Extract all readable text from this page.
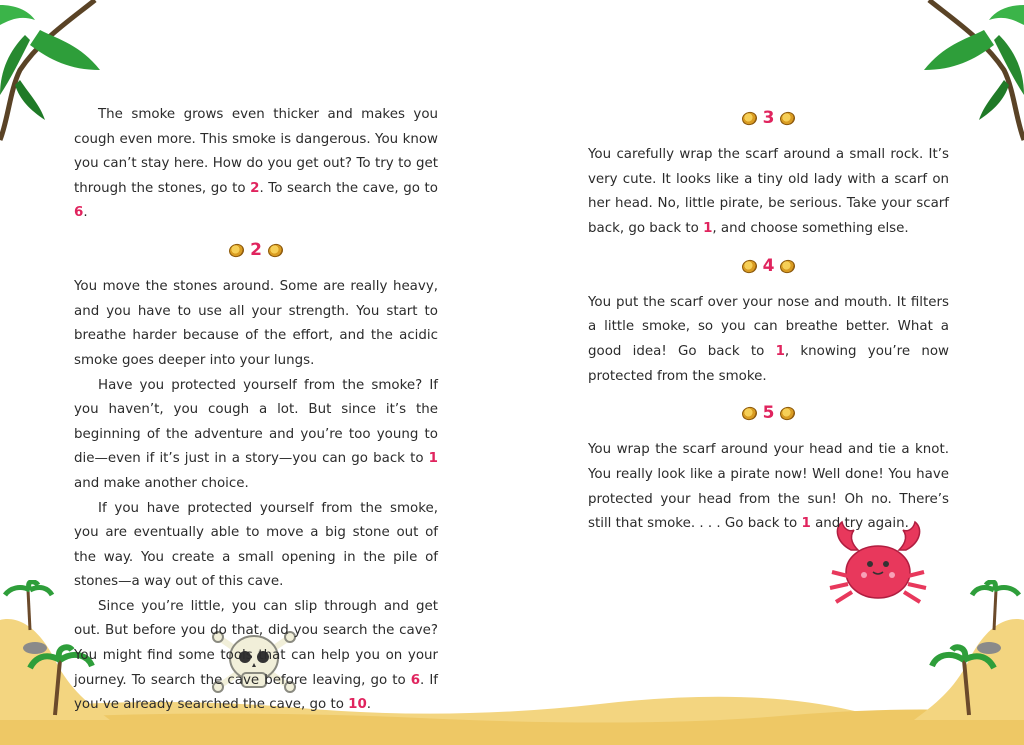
The smoke grows even thicker and makes you cough even more. This smoke is dangerous. You know you can’t stay here. How do you get out? To try to get through the stones, go to 2. To search the cave, go to 6.

2

You move the stones around. Some are really heavy, and you have to use all your strength. You start to breathe harder because of the effort, and the acidic smoke goes deeper into your lungs.

Have you protected yourself from the smoke? If you haven’t, you cough a lot. But since it’s the beginning of the adventure and you’re too young to die—even if it’s just in a story—you can go back to 1 and make another choice.

If you have protected yourself from the smoke, you are eventually able to move a big stone out of the way. You create a small opening in the pile of stones—a way out of this cave.

Since you’re little, you can slip through and get out. But before you do that, did you search the cave? You might find some tools that can help you on your journey. To search the cave before leaving, go to 6. If you’ve already searched the cave, go to 10.

3

You carefully wrap the scarf around a small rock. It’s very cute. It looks like a tiny old lady with a scarf on her head. No, little pirate, be serious. Take your scarf back, go back to 1, and choose something else.

4

You put the scarf over your nose and mouth. It filters a little smoke, so you can breathe better. What a good idea! Go back to 1, knowing you’re now protected from the smoke.

5

You wrap the scarf around your head and tie a knot. You really look like a pirate now! Well done! You have protected your head from the sun! Oh no. There’s still that smoke. . . . Go back to 1 and try again.
